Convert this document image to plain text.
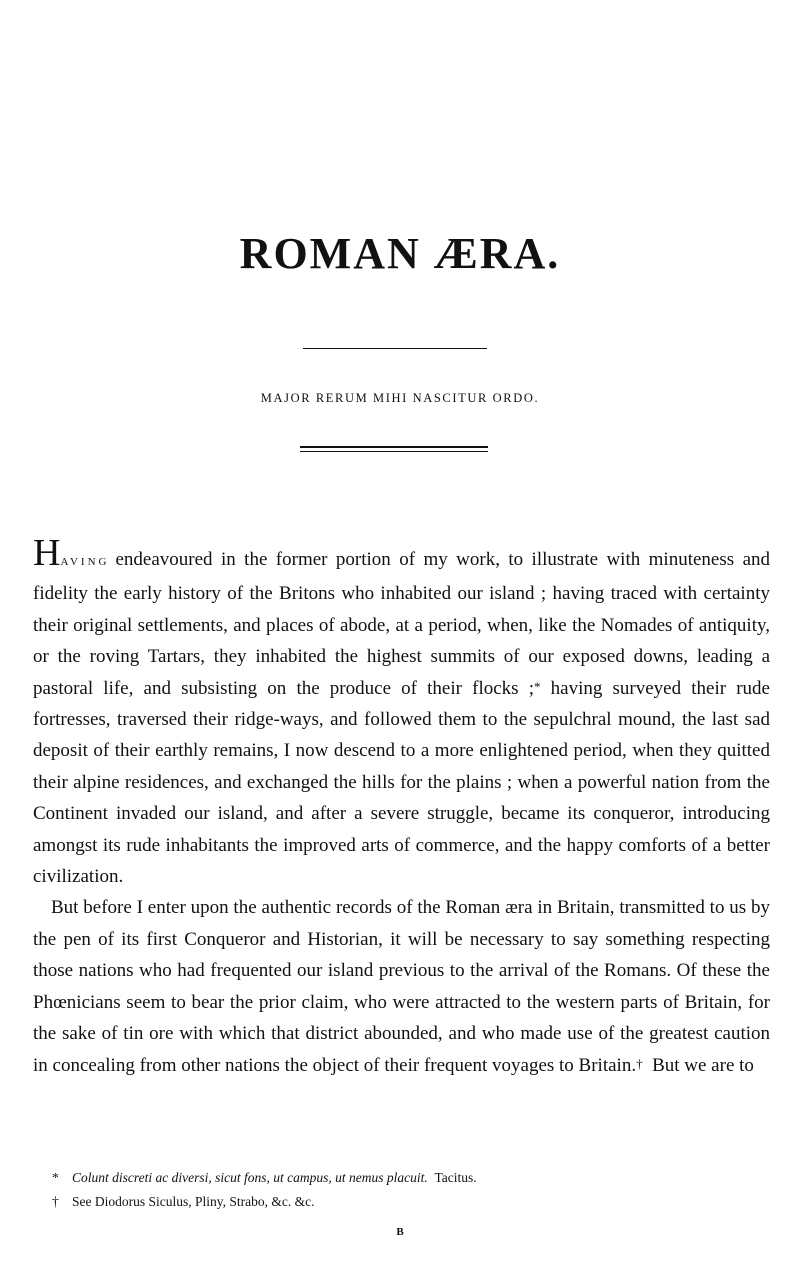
ROMAN ÆRA.
MAJOR RERUM MIHI NASCITUR ORDO.

HAVING endeavoured in the former portion of my work, to illustrate with minuteness and fidelity the early history of the Britons who inhabited our island ; having traced with certainty their original settlements, and places of abode, at a period, when, like the Nomades of antiquity, or the roving Tartars, they inhabited the highest summits of our exposed downs, leading a pastoral life, and subsisting on the produce of their flocks ;* having surveyed their rude fortresses, traversed their ridge-ways, and followed them to the sepulchral mound, the last sad deposit of their earthly remains, I now descend to a more enlightened period, when they quitted their alpine residences, and exchanged the hills for the plains ; when a powerful nation from the Continent invaded our island, and after a severe struggle, became its conqueror, introducing amongst its rude inhabitants the improved arts of commerce, and the happy comforts of a better civilization.

But before I enter upon the authentic records of the Roman æra in Britain, transmitted to us by the pen of its first Conqueror and Historian, it will be necessary to say something respecting those nations who had frequented our island previous to the arrival of the Romans. Of these the Phœnicians seem to bear the prior claim, who were attracted to the western parts of Britain, for the sake of tin ore with which that district abounded, and who made use of the greatest caution in concealing from other nations the object of their frequent voyages to Britain.†  But we are to

* Colunt discreti ac diversi, sicut fons, ut campus, ut nemus placuit. Tacitus.

† See Diodorus Siculus, Pliny, Strabo, &c. &c.

B
